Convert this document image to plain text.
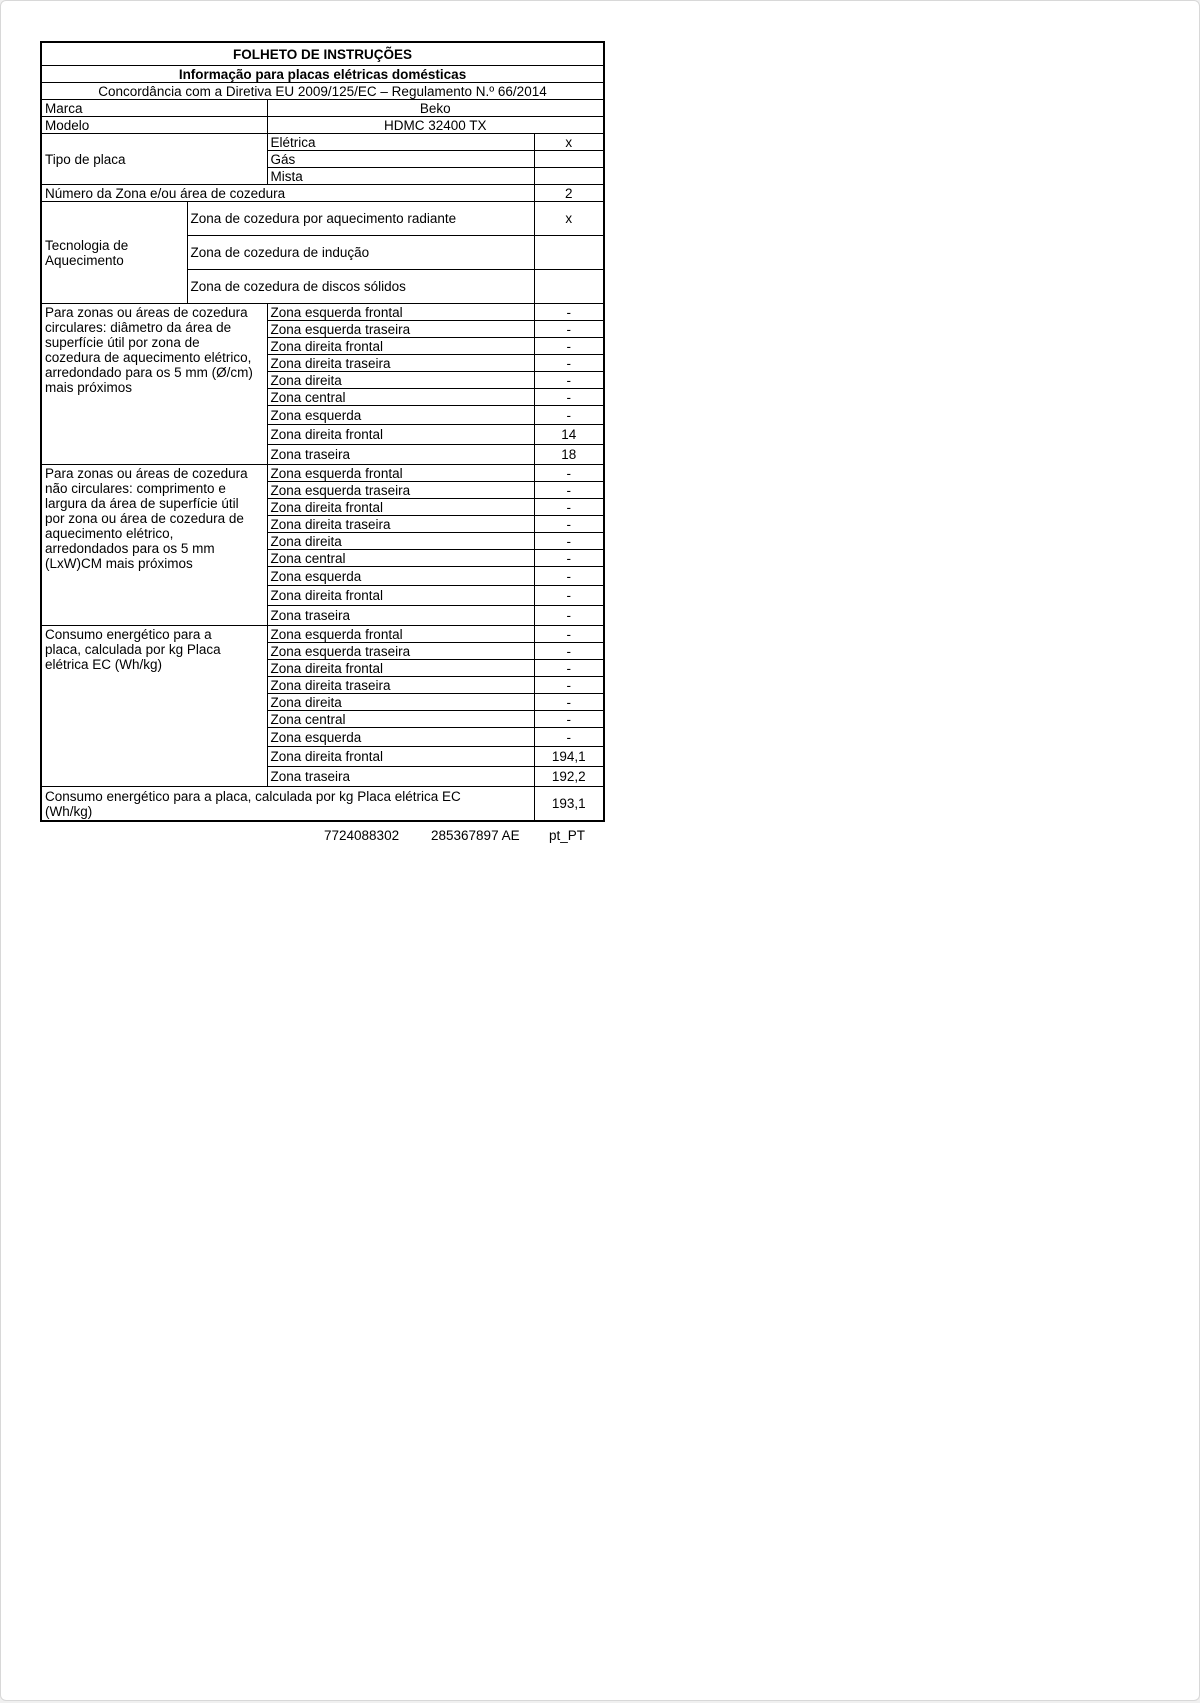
FOLHETO DE INSTRUÇÕES			
Informação para placas elétricas domésticas			
Concordância com a Diretiva EU 2009/125/EC – Regulamento N.º 66/2014			
Marca		Beko	
Modelo		HDMC 32400 TX	
Tipo de placa		Elétrica	x
		Gás	
		Mista	
Número da Zona e/ou área de cozedura			2
Tecnologia de Aquecimento	Zona de cozedura por aquecimento radiante		x
	Zona de cozedura de indução		
	Zona de cozedura de discos sólidos		
Para zonas ou áreas de cozedura circulares: diâmetro da área de superfície útil por zona de cozedura de aquecimento elétrico, arredondado para os 5 mm (Ø/cm) mais próximos		Zona esquerda frontal	-
		Zona esquerda traseira	-
		Zona direita frontal	-
		Zona direita traseira	-
		Zona direita	-
		Zona central	-
		Zona esquerda	-
		Zona direita frontal	14
		Zona traseira	18
Para zonas ou áreas de cozedura não circulares: comprimento e largura da área de superfície útil por zona ou área de cozedura de aquecimento elétrico, arredondados para os 5 mm (LxW)CM mais próximos		Zona esquerda frontal	-
		Zona esquerda traseira	-
		Zona direita frontal	-
		Zona direita traseira	-
		Zona direita	-
		Zona central	-
		Zona esquerda	-
		Zona direita frontal	-
		Zona traseira	-
Consumo energético para a placa, calculada por kg Placa elétrica EC (Wh/kg)		Zona esquerda frontal	-
		Zona esquerda traseira	-
		Zona direita frontal	-
		Zona direita traseira	-
		Zona direita	-
		Zona central	-
		Zona esquerda	-
		Zona direita frontal	194,1
		Zona traseira	192,2
Consumo energético para a placa, calculada por kg Placa elétrica EC (Wh/kg)			193,1
7724088302 285367897 AE pt_PT
